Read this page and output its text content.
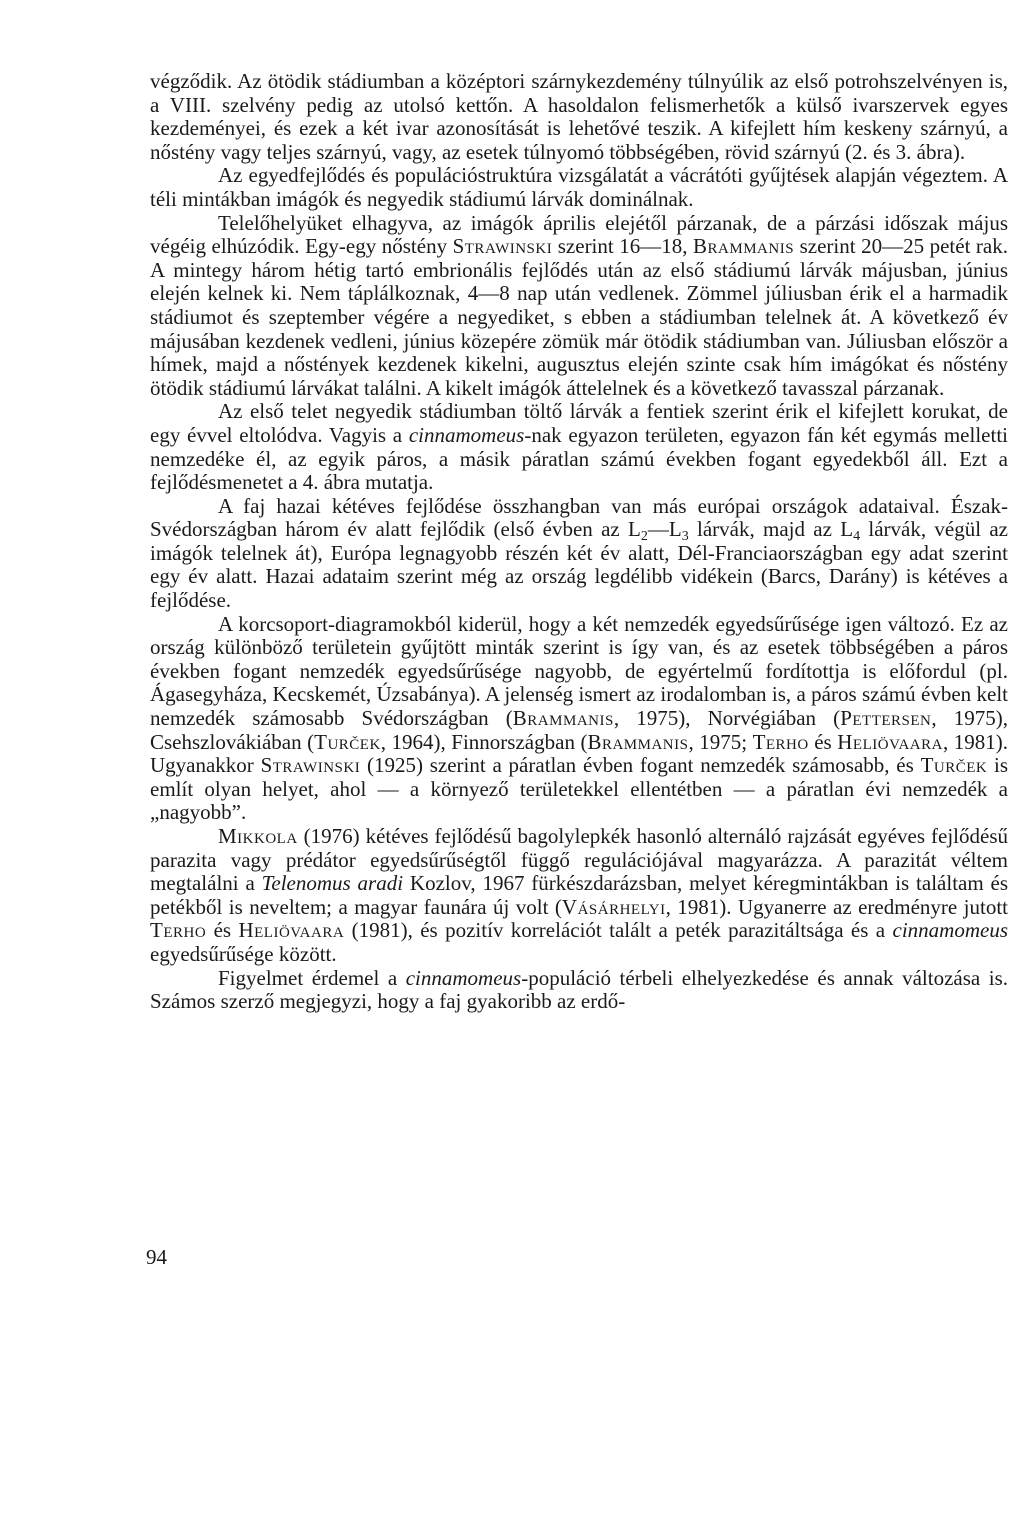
végződik. Az ötödik stádiumban a középtori szárnykezdemény túlnyúlik az első potrohszelvényen is, a VIII. szelvény pedig az utolsó kettőn. A hasoldalon felismerhetők a külső ivarszervek egyes kezdeményei, és ezek a két ivar azonosítását is lehetővé teszik. A kifejlett hím keskeny szárnyú, a nőstény vagy teljes szárnyú, vagy, az esetek túlnyomó többségében, rövid szárnyú (2. és 3. ábra).

Az egyedfejlődés és populációstruktúra vizsgálatát a vácrátóti gyűjtések alapján végeztem. A téli mintákban imágók és negyedik stádiumú lárvák dominálnak.

Telelőhelyüket elhagyva, az imágók április elejétől párzanak, de a párzási időszak május végéig elhúzódik. Egy-egy nőstény Strawinski szerint 16—18, Brammanis szerint 20—25 petét rak. A mintegy három hétig tartó embrionális fejlődés után az első stádiumú lárvák májusban, június elején kelnek ki. Nem táplálkoznak, 4—8 nap után vedlenek. Zömmel júliusban érik el a harmadik stádiumot és szeptember végére a negyediket, s ebben a stádiumban telelnek át. A következő év májusában kezdenek vedleni, június közepére zömük már ötödik stádiumban van. Júliusban először a hímek, majd a nőstények kezdenek kikelni, augusztus elején szinte csak hím imágókat és nőstény ötödik stádiumú lárvákat találni. A kikelt imágók áttelelnek és a következő tavasszal párzanak.

Az első telet negyedik stádiumban töltő lárvák a fentiek szerint érik el kifejlett korukat, de egy évvel eltolódva. Vagyis a cinnamomeus-nak egyazon területen, egyazon fán két egymás melletti nemzedéke él, az egyik páros, a másik páratlan számú években fogant egyedekből áll. Ezt a fejlődésmenetet a 4. ábra mutatja.

A faj hazai kétéves fejlődése összhangban van más európai országok adataival. Észak-Svédországban három év alatt fejlődik (első évben az $L_2—L_3$ lárvák, majd az $L_4$ lárvák, végül az imágók telelnek át), Európa legnagyobb részén két év alatt, Dél-Franciaországban egy adat szerint egy év alatt. Hazai adataim szerint még az ország legdélibb vidékein (Barcs, Darány) is kétéves a fejlődése.

A korcsoport-diagramokból kiderül, hogy a két nemzedék egyedsűrűsége igen változó. Ez az ország különböző területein gyűjtött minták szerint is így van, és az esetek többségében a páros években fogant nemzedék egyedsűrűsége nagyobb, de egyértelmű fordítottja is előfordul (pl. Ágasegyháza, Kecskemét, Úzsabánya). A jelenség ismert az irodalomban is, a páros számú évben kelt nemzedék számosabb Svédországban (Brammanis, 1975), Norvégiában (Pettersen, 1975), Csehszlovákiában (Turček, 1964), Finnországban (Brammanis, 1975; Terho és Heliövaara, 1981). Ugyanakkor Strawinski (1925) szerint a páratlan évben fogant nemzedék számosabb, és Turček is említ olyan helyet, ahol — a környező területekkel ellentétben — a páratlan évi nemzedék a „nagyobb”.

Mikkola (1976) kétéves fejlődésű bagolylepkék hasonló alternáló rajzását egyéves fejlődésű parazita vagy prédátor egyedsűrűségtől függő regulációjával magyarázza. A parazitát véltem megtalálni a Telenomus aradi Kozlov, 1967 fürkészdarázsban, melyet kéregmintákban is találtam és petékből is neveltem; a magyar faunára új volt (Vásárhelyi, 1981). Ugyanerre az eredményre jutott Terho és Heliövaara (1981), és pozitív korrelációt talált a peték parazitáltsága és a cinnamomeus egyedsűrűsége között.

Figyelmet érdemel a cinnamomeus-populáció térbeli elhelyezkedése és annak változása is. Számos szerző megjegyzi, hogy a faj gyakoribb az erdő-

94
